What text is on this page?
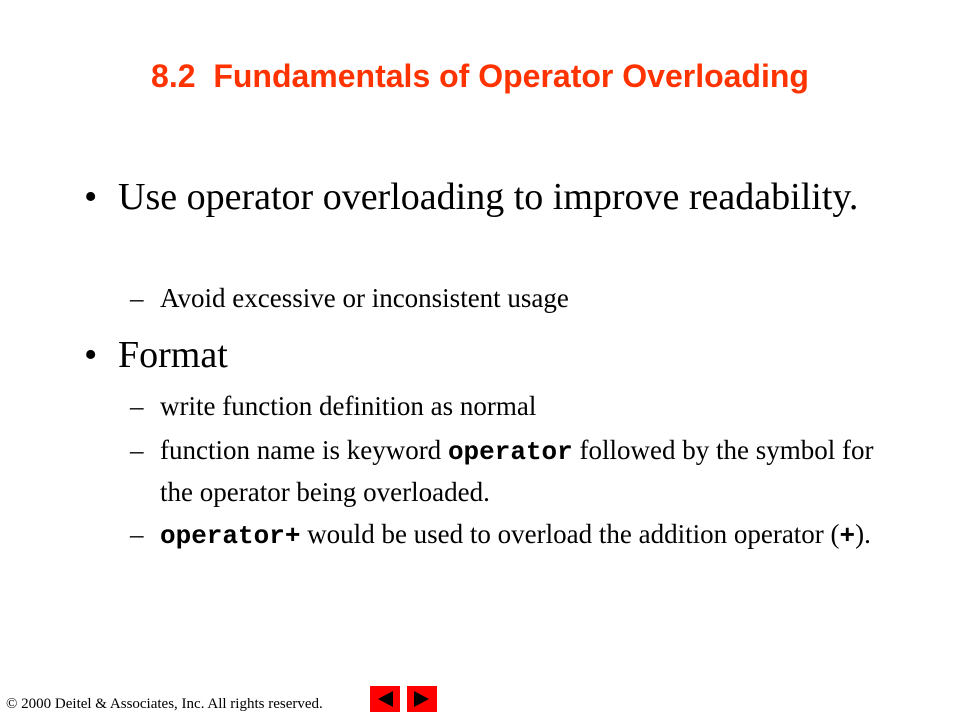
8.2  Fundamentals of Operator Overloading
• Use operator overloading to improve readability.
– Avoid excessive or inconsistent usage
• Format
– write function definition as normal
– function name is keyword operator followed by the symbol for the operator being overloaded.
– operator+ would be used to overload the addition operator (+).
© 2000 Deitel & Associates, Inc. All rights reserved.
